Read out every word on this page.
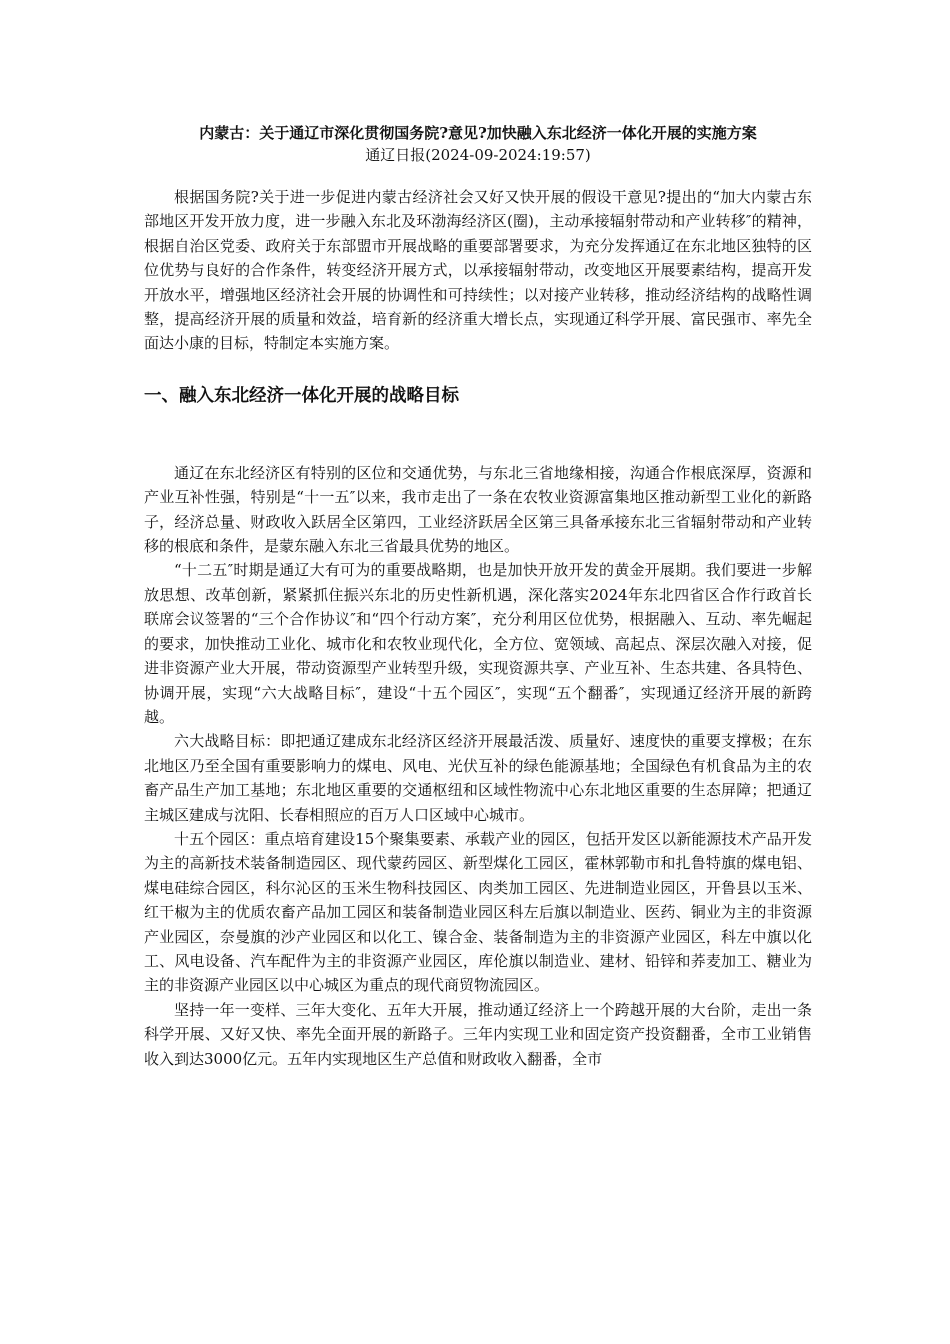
内蒙古：关于通辽市深化贯彻国务院?意见?加快融入东北经济一体化开展的实施方案
通辽日报(2024-09-2024:19:57)

根据国务院?关于进一步促进内蒙古经济社会又好又快开展的假设干意见?提出的“加大内蒙古东部地区开发开放力度，进一步融入东北及环渤海经济区(圈)，主动承接辐射带动和产业转移″的精神，根据自治区党委、政府关于东部盟市开展战略的重要部署要求，为充分发挥通辽在东北地区独特的区位优势与良好的合作条件，转变经济开展方式，以承接辐射带动，改变地区开展要素结构，提高开发开放水平，增强地区经济社会开展的协调性和可持续性；以对接产业转移，推动经济结构的战略性调整，提高经济开展的质量和效益，培育新的经济重大增长点，实现通辽科学开展、富民强市、率先全面达小康的目标，特制定本实施方案。

一、融入东北经济一体化开展的战略目标

通辽在东北经济区有特别的区位和交通优势，与东北三省地缘相接，沟通合作根底深厚，资源和产业互补性强，特别是“十一五″以来，我市走出了一条在农牧业资源富集地区推动新型工业化的新路子，经济总量、财政收入跃居全区第四，工业经济跃居全区第三具备承接东北三省辐射带动和产业转移的根底和条件，是蒙东融入东北三省最具优势的地区。

“十二五″时期是通辽大有可为的重要战略期，也是加快开放开发的黄金开展期。我们要进一步解放思想、改革创新，紧紧抓住振兴东北的历史性新机遇，深化落实2024年东北四省区合作行政首长联席会议签署的“三个合作协议″和“四个行动方案″，充分利用区位优势，根据融入、互动、率先崛起的要求，加快推动工业化、城市化和农牧业现代化，全方位、宽领域、高起点、深层次融入对接，促进非资源产业大开展，带动资源型产业转型升级，实现资源共享、产业互补、生态共建、各具特色、协调开展，实现“六大战略目标″，建设“十五个园区″，实现“五个翻番″，实现通辽经济开展的新跨越。

六大战略目标：即把通辽建成东北经济区经济开展最活泼、质量好、速度快的重要支撑极；在东北地区乃至全国有重要影响力的煤电、风电、光伏互补的绿色能源基地；全国绿色有机食品为主的农畜产品生产加工基地；东北地区重要的交通枢纽和区域性物流中心东北地区重要的生态屏障；把通辽主城区建成与沈阳、长春相照应的百万人口区域中心城市。

十五个园区：重点培育建设15个聚集要素、承载产业的园区，包括开发区以新能源技术产品开发为主的高新技术装备制造园区、现代蒙药园区、新型煤化工园区，霍林郭勒市和扎鲁特旗的煤电铝、煤电硅综合园区，科尔沁区的玉米生物科技园区、肉类加工园区、先进制造业园区，开鲁县以玉米、红干椒为主的优质农畜产品加工园区和装备制造业园区科左后旗以制造业、医药、铜业为主的非资源产业园区，奈曼旗的沙产业园区和以化工、镍合金、装备制造为主的非资源产业园区，科左中旗以化工、风电设备、汽车配件为主的非资源产业园区，库伦旗以制造业、建材、铅锌和荞麦加工、糖业为主的非资源产业园区以中心城区为重点的现代商贸物流园区。

坚持一年一变样、三年大变化、五年大开展，推动通辽经济上一个跨越开展的大台阶，走出一条科学开展、又好又快、率先全面开展的新路子。三年内实现工业和固定资产投资翻番，全市工业销售收入到达3000亿元。五年内实现地区生产总值和财政收入翻番，全市
